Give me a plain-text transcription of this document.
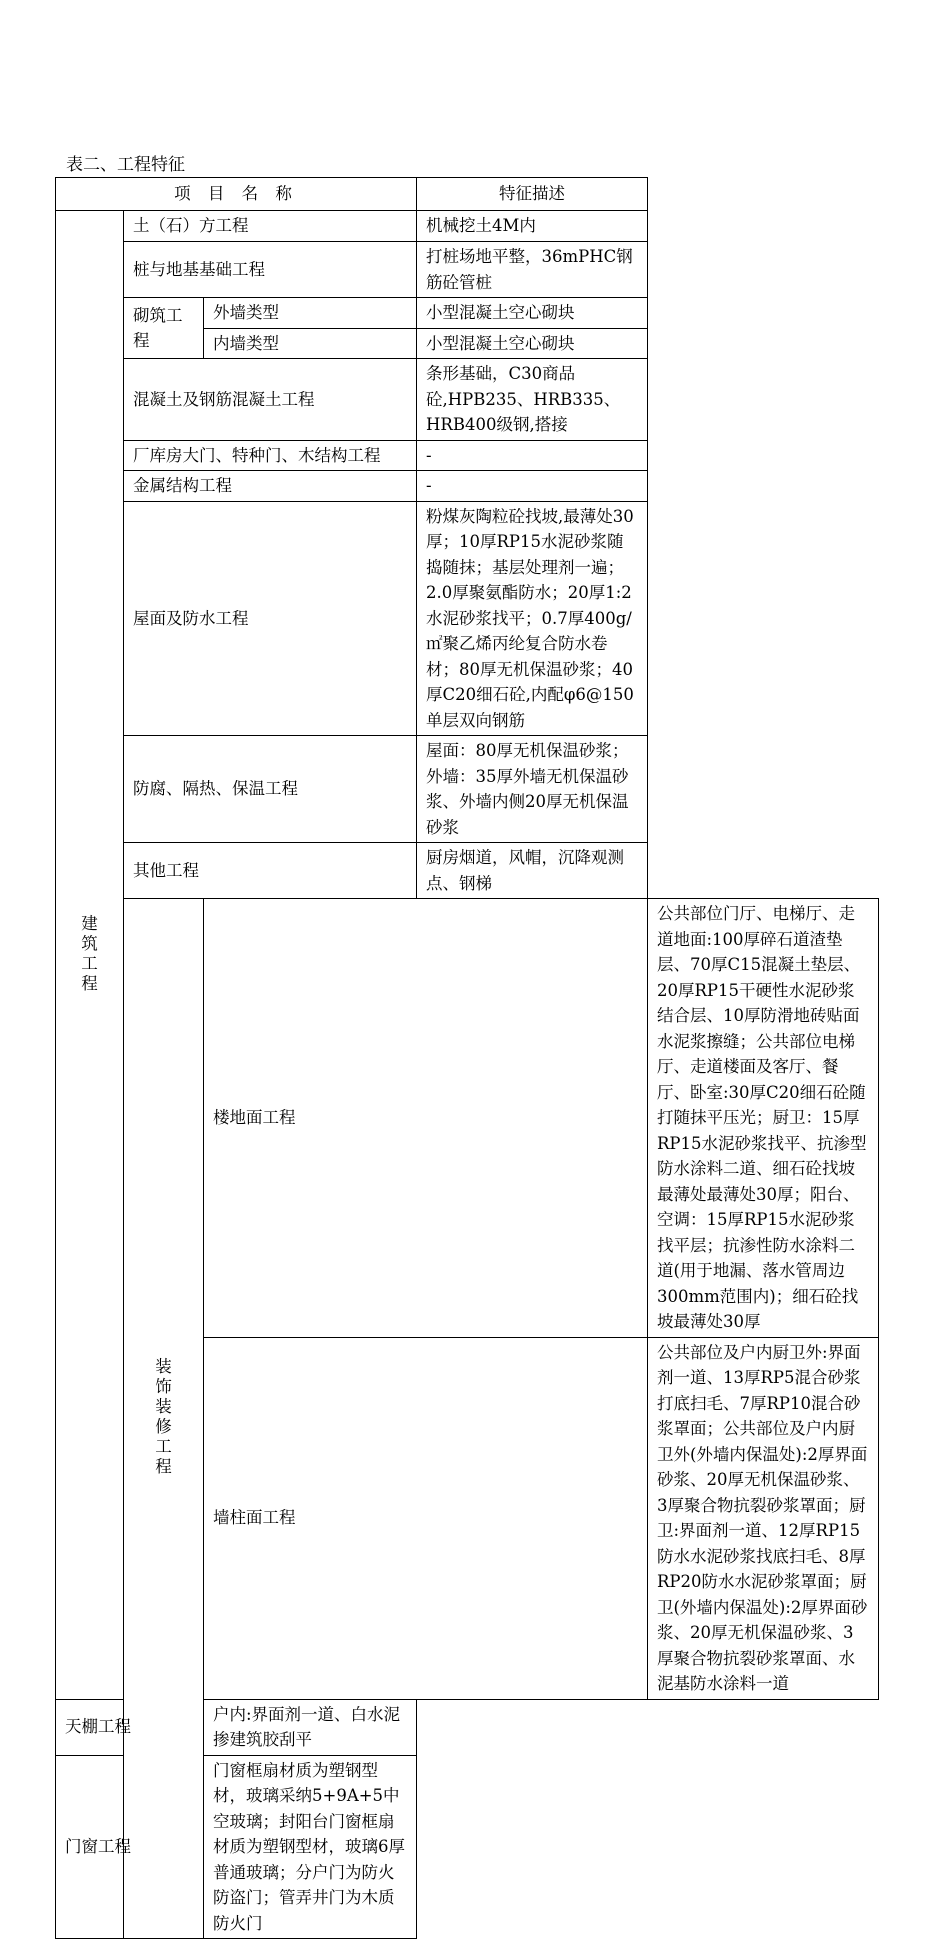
表二、工程特征
项 目 名 称			特征描述	
建筑工程	土（石）方工程		机械挖土4M内	
	桩与地基基础工程		打桩场地平整，36mPHC钢筋砼管桩	
	砌筑工程	外墙类型	小型混凝土空心砌块	
		内墙类型	小型混凝土空心砌块	
	混凝土及钢筋混凝土工程		条形基础，C30商品砼,HPB235、HRB335、HRB400级钢,搭接	
	厂库房大门、特种门、木结构工程		-	
	金属结构工程		-	
	屋面及防水工程		粉煤灰陶粒砼找坡,最薄处30厚；10厚RP15水泥砂浆随捣随抹；基层处理剂一遍；2.0厚聚氨酯防水；20厚1:2水泥砂浆找平；0.7厚400g/㎡聚乙烯丙纶复合防水卷材；80厚无机保温砂浆；40厚C20细石砼,内配φ6@150单层双向钢筋	
	防腐、隔热、保温工程		屋面：80厚无机保温砂浆；外墙：35厚外墙无机保温砂浆、外墙内侧20厚无机保温砂浆	
	其他工程		厨房烟道，风帽，沉降观测点、钢梯	
	装饰装修工程	楼地面工程		公共部位门厅、电梯厅、走道地面:100厚碎石道渣垫层、70厚C15混凝土垫层、20厚RP15干硬性水泥砂浆结合层、10厚防滑地砖贴面水泥浆擦缝；公共部位电梯厅、走道楼面及客厅、餐厅、卧室:30厚C20细石砼随打随抹平压光；厨卫：15厚RP15水泥砂浆找平、抗渗型防水涂料二道、细石砼找坡最薄处最薄处30厚；阳台、空调：15厚RP15水泥砂浆找平层；抗渗性防水涂料二道(用于地漏、落水管周边300mm范围内)；细石砼找坡最薄处30厚
		墙柱面工程		公共部位及户内厨卫外:界面剂一道、13厚RP5混合砂浆打底扫毛、7厚RP10混合砂浆罩面；公共部位及户内厨卫外(外墙内保温处):2厚界面砂浆、20厚无机保温砂浆、3厚聚合物抗裂砂浆罩面；厨卫:界面剂一道、12厚RP15防水水泥砂浆找底扫毛、8厚RP20防水水泥砂浆罩面；厨卫(外墙内保温处):2厚界面砂浆、20厚无机保温砂浆、3厚聚合物抗裂砂浆罩面、水泥基防水涂料一道
天棚工程		户内:界面剂一道、白水泥掺建筑胶刮平		
门窗工程		门窗框扇材质为塑钢型材，玻璃采纳5+9A+5中空玻璃；封阳台门窗框扇材质为塑钢型材，玻璃6厚普通玻璃；分户门为防火防盗门；管弄井门为木质防火门		
